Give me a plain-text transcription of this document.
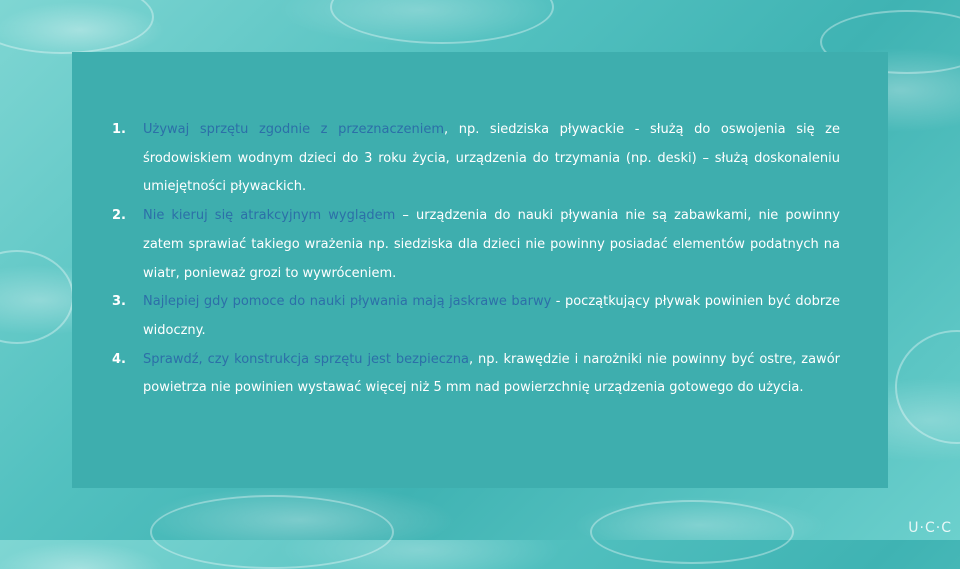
1. Używaj sprzętu zgodnie z przeznaczeniem, np. siedziska pływackie - służą do oswojenia się ze środowiskiem wodnym dzieci do 3 roku życia, urządzenia do trzymania (np. deski) – służą doskonaleniu umiejętności pływackich.
2. Nie kieruj się atrakcyjnym wyglądem – urządzenia do nauki pływania nie są zabawkami, nie powinny zatem sprawiać takiego wrażenia np. siedziska dla dzieci nie powinny posiadać elementów podatnych na wiatr, ponieważ grozi to wywróceniem.
3. Najlepiej gdy pomoce do nauki pływania mają jaskrawe barwy - początkujący pływak powinien być dobrze widoczny.
4. Sprawdź, czy konstrukcja sprzętu jest bezpieczna, np. krawędzie i narożniki nie powinny być ostre, zawór powietrza nie powinien wystawać więcej niż 5 mm nad powierzchnię urządzenia gotowego do użycia.
U·C·C
